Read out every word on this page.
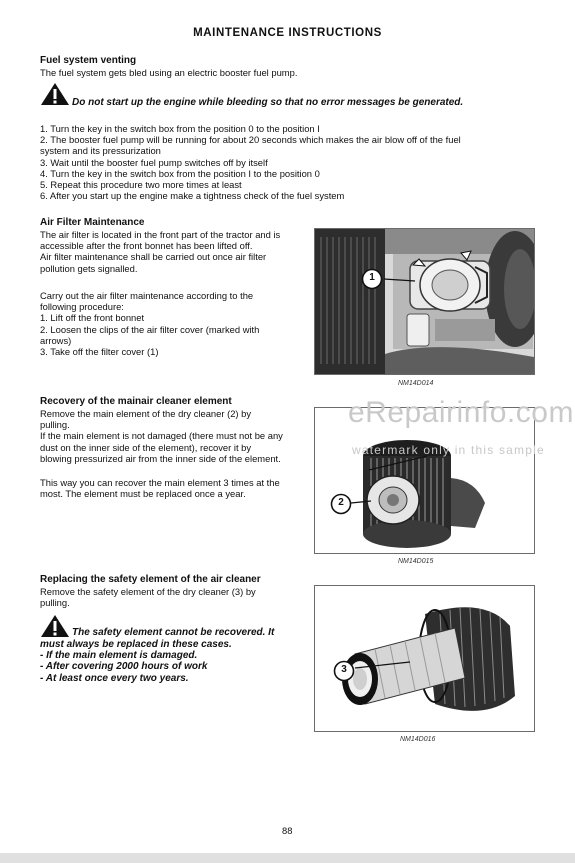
MAINTENANCE INSTRUCTIONS
Fuel system venting
The fuel system gets bled using an electric booster fuel pump.
Do not start up the engine while bleeding so that no error messages be generated.
1. Turn the key in the switch box from the position 0 to the position I
2. The booster fuel pump will be running for about 20 seconds which makes the air blow off of the fuel
system and its pressurization
3. Wait until the booster fuel pump switches off by itself
4. Turn the key in the switch box from the position I to the position 0
5. Repeat this procedure two more times at least
6. After you start up the engine make a tightness check of the fuel system
Air Filter Maintenance
The air filter is located in the front part of the tractor and is
accessible after the front bonnet has been lifted off.
Air filter maintenance shall be carried out once air filter
pollution gets signalled.
Carry out the air filter maintenance according to the
following procedure:
1. Lift off the front bonnet
2. Loosen the clips of the air filter cover (marked with
arrows)
3. Take off the filter cover (1)
1
NM14D014
Recovery of the mainair cleaner element
Remove the main element of the dry cleaner (2) by
pulling.
If the main element is not damaged (there must not be any
dust on the inner side of the element), recover it by
blowing pressurized air from the inner side of the element.
This way you can recover the main element 3 times at the
most. The element must be replaced once a year.
2
NM14D015
eRepairinfo.com
watermark only in this sample
Replacing the safety element of the air cleaner
Remove the safety element of the dry cleaner (3) by
pulling.
The safety element cannot be recovered. It
must always be replaced in these cases.
- If the main element is damaged.
- After covering 2000 hours of work
- At least once every two years.
3
NM14D016
88
